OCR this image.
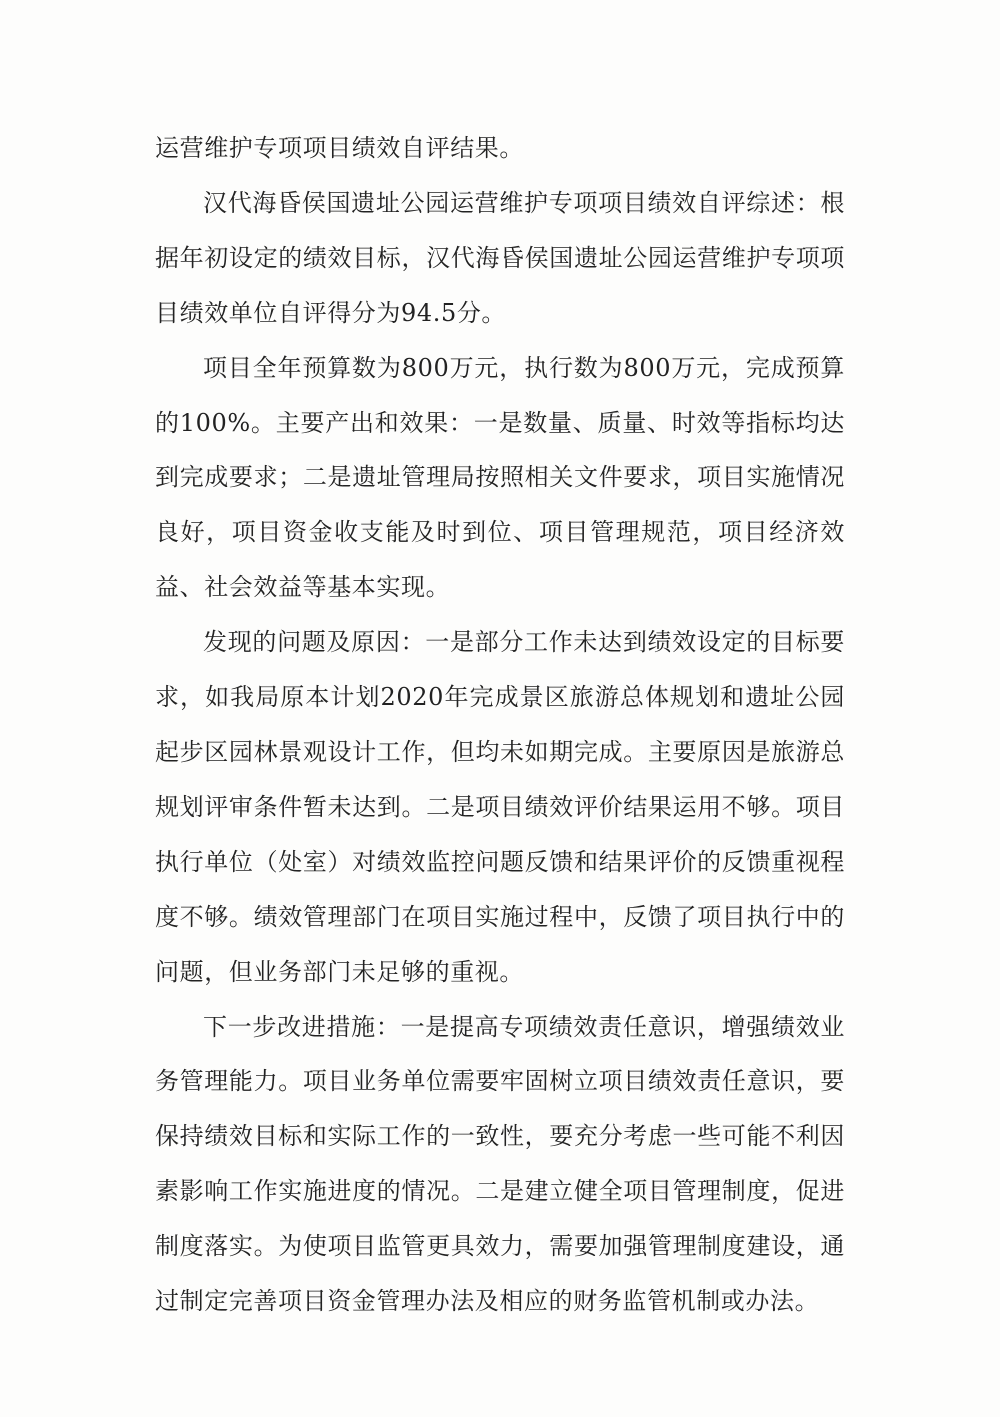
运营维护专项项目绩效自评结果。

汉代海昏侯国遗址公园运营维护专项项目绩效自评综述：根据年初设定的绩效目标，汉代海昏侯国遗址公园运营维护专项项目绩效单位自评得分为94.5分。

项目全年预算数为800万元，执行数为800万元，完成预算的100%。主要产出和效果：一是数量、质量、时效等指标均达到完成要求；二是遗址管理局按照相关文件要求，项目实施情况良好，项目资金收支能及时到位、项目管理规范，项目经济效益、社会效益等基本实现。

发现的问题及原因：一是部分工作未达到绩效设定的目标要求，如我局原本计划2020年完成景区旅游总体规划和遗址公园起步区园林景观设计工作，但均未如期完成。主要原因是旅游总规划评审条件暂未达到。二是项目绩效评价结果运用不够。项目执行单位（处室）对绩效监控问题反馈和结果评价的反馈重视程度不够。绩效管理部门在项目实施过程中，反馈了项目执行中的问题，但业务部门未足够的重视。

下一步改进措施：一是提高专项绩效责任意识，增强绩效业务管理能力。项目业务单位需要牢固树立项目绩效责任意识，要保持绩效目标和实际工作的一致性，要充分考虑一些可能不利因素影响工作实施进度的情况。二是建立健全项目管理制度，促进制度落实。为使项目监管更具效力，需要加强管理制度建设，通过制定完善项目资金管理办法及相应的财务监管机制或办法。
